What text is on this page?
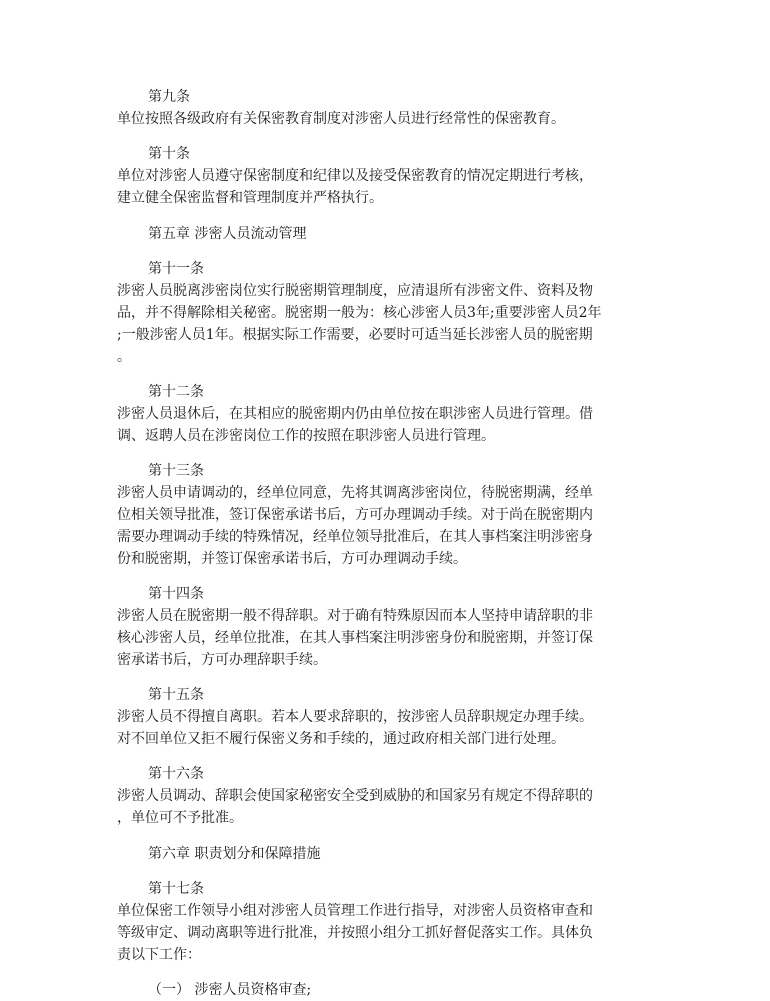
第九条
单位按照各级政府有关保密教育制度对涉密人员进行经常性的保密教育。
第十条
单位对涉密人员遵守保密制度和纪律以及接受保密教育的情况定期进行考核，
建立健全保密监督和管理制度并严格执行。
第五章 涉密人员流动管理
第十一条
涉密人员脱离涉密岗位实行脱密期管理制度，应清退所有涉密文件、资料及物
品，并不得解除相关秘密。脱密期一般为：核心涉密人员3年;重要涉密人员2年
;一般涉密人员1年。根据实际工作需要，必要时可适当延长涉密人员的脱密期
。
第十二条
涉密人员退休后，在其相应的脱密期内仍由单位按在职涉密人员进行管理。借
调、返聘人员在涉密岗位工作的按照在职涉密人员进行管理。
第十三条
涉密人员申请调动的，经单位同意，先将其调离涉密岗位，待脱密期满，经单
位相关领导批准，签订保密承诺书后，方可办理调动手续。对于尚在脱密期内
需要办理调动手续的特殊情况，经单位领导批准后，在其人事档案注明涉密身
份和脱密期，并签订保密承诺书后，方可办理调动手续。
第十四条
涉密人员在脱密期一般不得辞职。对于确有特殊原因而本人坚持申请辞职的非
核心涉密人员，经单位批准，在其人事档案注明涉密身份和脱密期，并签订保
密承诺书后，方可办理辞职手续。
第十五条
涉密人员不得擅自离职。若本人要求辞职的，按涉密人员辞职规定办理手续。
对不回单位又拒不履行保密义务和手续的，通过政府相关部门进行处理。
第十六条
涉密人员调动、辞职会使国家秘密安全受到威胁的和国家另有规定不得辞职的
，单位可不予批准。
第六章 职责划分和保障措施
第十七条
单位保密工作领导小组对涉密人员管理工作进行指导，对涉密人员资格审查和
等级审定、调动离职等进行批准，并按照小组分工抓好督促落实工作。具体负
责以下工作：
（一） 涉密人员资格审查;
